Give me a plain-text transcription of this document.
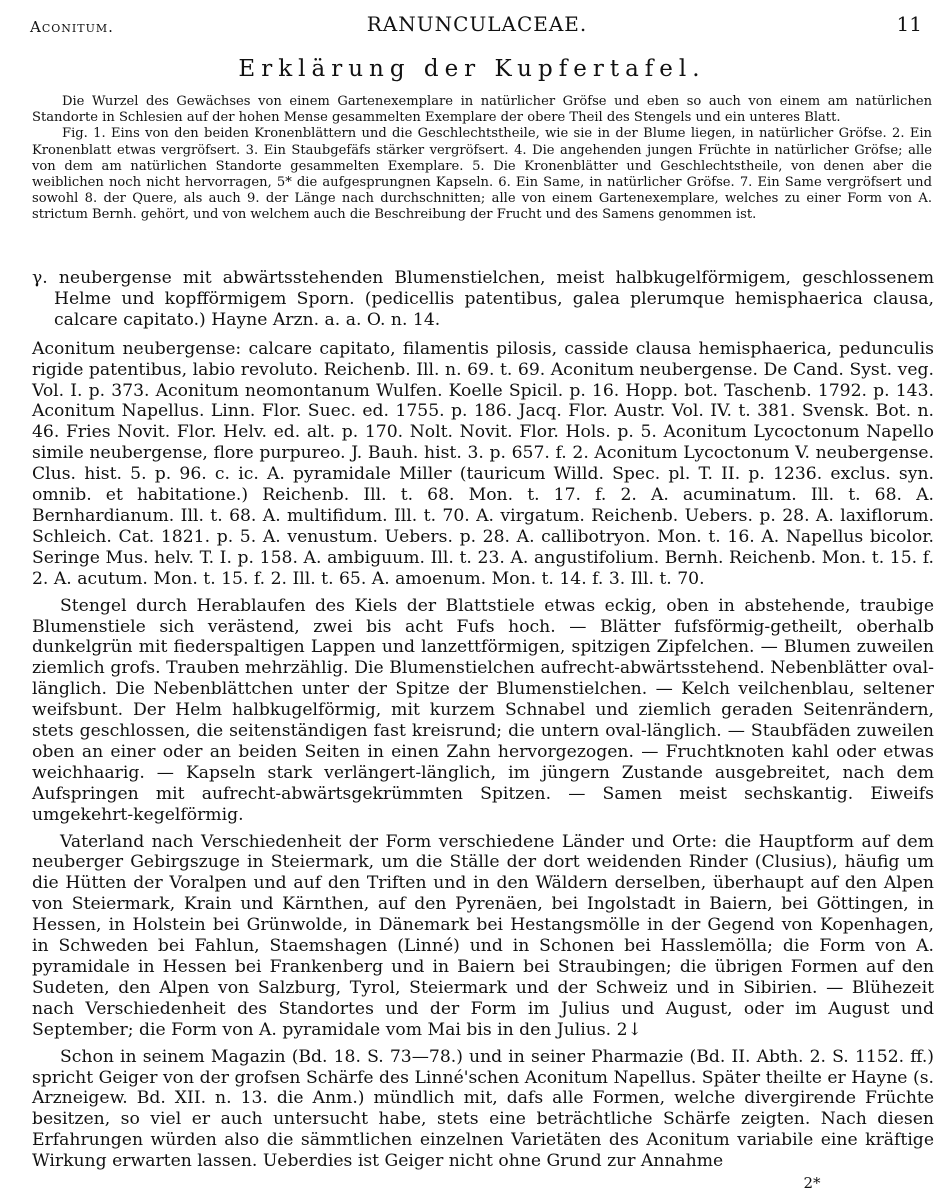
Aconitum.	RANUNCULACEAE.	11
Erklärung der Kupfertafel.

Die Wurzel des Gewächses von einem Gartenexemplare in natürlicher Gröfse und eben so auch von einem am natürlichen Standorte in Schlesien auf der hohen Mense gesammelten Exemplare der obere Theil des Stengels und ein unteres Blatt.

Fig. 1. Eins von den beiden Kronenblättern und die Geschlechtstheile, wie sie in der Blume liegen, in natürlicher Gröfse. 2. Ein Kronenblatt etwas vergröfsert. 3. Ein Staubgefäfs stärker vergröfsert. 4. Die angehenden jungen Früchte in natürlicher Gröfse; alle von dem am natürlichen Standorte gesammelten Exemplare. 5. Die Kronenblätter und Geschlechtstheile, von denen aber die weiblichen noch nicht hervorragen, 5* die aufgesprungnen Kapseln. 6. Ein Same, in natürlicher Gröfse. 7. Ein Same vergröfsert und sowohl 8. der Quere, als auch 9. der Länge nach durchschnitten; alle von einem Gartenexemplare, welches zu einer Form von A. strictum Bernh. gehört, und von welchem auch die Beschreibung der Frucht und des Samens genommen ist.

γ. neubergense mit abwärtsstehenden Blumenstielchen, meist halbkugelförmigem, geschlossenem Helme und kopfförmigem Sporn. (pedicellis patentibus, galea plerumque hemisphaerica clausa, calcare capitato.) Hayne Arzn. a. a. O. n. 14.

Aconitum neubergense: calcare capitato, filamentis pilosis, casside clausa hemisphaerica, pedunculis rigide patentibus, labio revoluto. Reichenb. Ill. n. 69. t. 69. Aconitum neubergense. De Cand. Syst. veg. Vol. I. p. 373. Aconitum neomontanum Wulfen. Koelle Spicil. p. 16. Hopp. bot. Taschenb. 1792. p. 143. Aconitum Napellus. Linn. Flor. Suec. ed. 1755. p. 186. Jacq. Flor. Austr. Vol. IV. t. 381. Svensk. Bot. n. 46. Fries Novit. Flor. Helv. ed. alt. p. 170. Nolt. Novit. Flor. Hols. p. 5. Aconitum Lycoctonum Napello simile neubergense, flore purpureo. J. Bauh. hist. 3. p. 657. f. 2. Aconitum Lycoctonum V. neubergense. Clus. hist. 5. p. 96. c. ic. A. pyramidale Miller (tauricum Willd. Spec. pl. T. II. p. 1236. exclus. syn. omnib. et habitatione.) Reichenb. Ill. t. 68. Mon. t. 17. f. 2. A. acuminatum. Ill. t. 68. A. Bernhardianum. Ill. t. 68. A. multifidum. Ill. t. 70. A. virgatum. Reichenb. Uebers. p. 28. A. laxiflorum. Schleich. Cat. 1821. p. 5. A. venustum. Uebers. p. 28. A. callibotryon. Mon. t. 16. A. Napellus bicolor. Seringe Mus. helv. T. I. p. 158. A. ambiguum. Ill. t. 23. A. angustifolium. Bernh. Reichenb. Mon. t. 15. f. 2. A. acutum. Mon. t. 15. f. 2. Ill. t. 65. A. amoenum. Mon. t. 14. f. 3. Ill. t. 70.

Stengel durch Herablaufen des Kiels der Blattstiele etwas eckig, oben in abstehende, traubige Blumenstiele sich verästend, zwei bis acht Fufs hoch. — Blätter fufsförmig-getheilt, oberhalb dunkelgrün mit fiederspaltigen Lappen und lanzettförmigen, spitzigen Zipfelchen. — Blumen zuweilen ziemlich grofs. Trauben mehrzählig. Die Blumenstielchen aufrecht-abwärtsstehend. Nebenblätter oval-länglich. Die Nebenblättchen unter der Spitze der Blumenstielchen. — Kelch veilchenblau, seltener weifsbunt. Der Helm halbkugelförmig, mit kurzem Schnabel und ziemlich geraden Seitenrändern, stets geschlossen, die seitenständigen fast kreisrund; die untern oval-länglich. — Staubfäden zuweilen oben an einer oder an beiden Seiten in einen Zahn hervorgezogen. — Fruchtknoten kahl oder etwas weichhaarig. — Kapseln stark verlängert-länglich, im jüngern Zustande ausgebreitet, nach dem Aufspringen mit aufrecht-abwärtsgekrümmten Spitzen. — Samen meist sechskantig. Eiweifs umgekehrt-kegelförmig.

Vaterland nach Verschiedenheit der Form verschiedene Länder und Orte: die Hauptform auf dem neuberger Gebirgszuge in Steiermark, um die Ställe der dort weidenden Rinder (Clusius), häufig um die Hütten der Voralpen und auf den Triften und in den Wäldern derselben, überhaupt auf den Alpen von Steiermark, Krain und Kärnthen, auf den Pyrenäen, bei Ingolstadt in Baiern, bei Göttingen, in Hessen, in Holstein bei Grünwolde, in Dänemark bei Hestangsmölle in der Gegend von Kopenhagen, in Schweden bei Fahlun, Staemshagen (Linné) und in Schonen bei Hasslemölla; die Form von A. pyramidale in Hessen bei Frankenberg und in Baiern bei Straubingen; die übrigen Formen auf den Sudeten, den Alpen von Salzburg, Tyrol, Steiermark und der Schweiz und in Sibirien. — Blühezeit nach Verschiedenheit des Standortes und der Form im Julius und August, oder im August und September; die Form von A. pyramidale vom Mai bis in den Julius. 2↓

Schon in seinem Magazin (Bd. 18. S. 73—78.) und in seiner Pharmazie (Bd. II. Abth. 2. S. 1152. ff.) spricht Geiger von der grofsen Schärfe des Linné'schen Aconitum Napellus. Später theilte er Hayne (s. Arzneigew. Bd. XII. n. 13. die Anm.) mündlich mit, dafs alle Formen, welche divergirende Früchte besitzen, so viel er auch untersucht habe, stets eine beträchtliche Schärfe zeigten. Nach diesen Erfahrungen würden also die sämmtlichen einzelnen Varietäten des Aconitum variabile eine kräftige Wirkung erwarten lassen. Ueberdies ist Geiger nicht ohne Grund zur Annahme

2*
